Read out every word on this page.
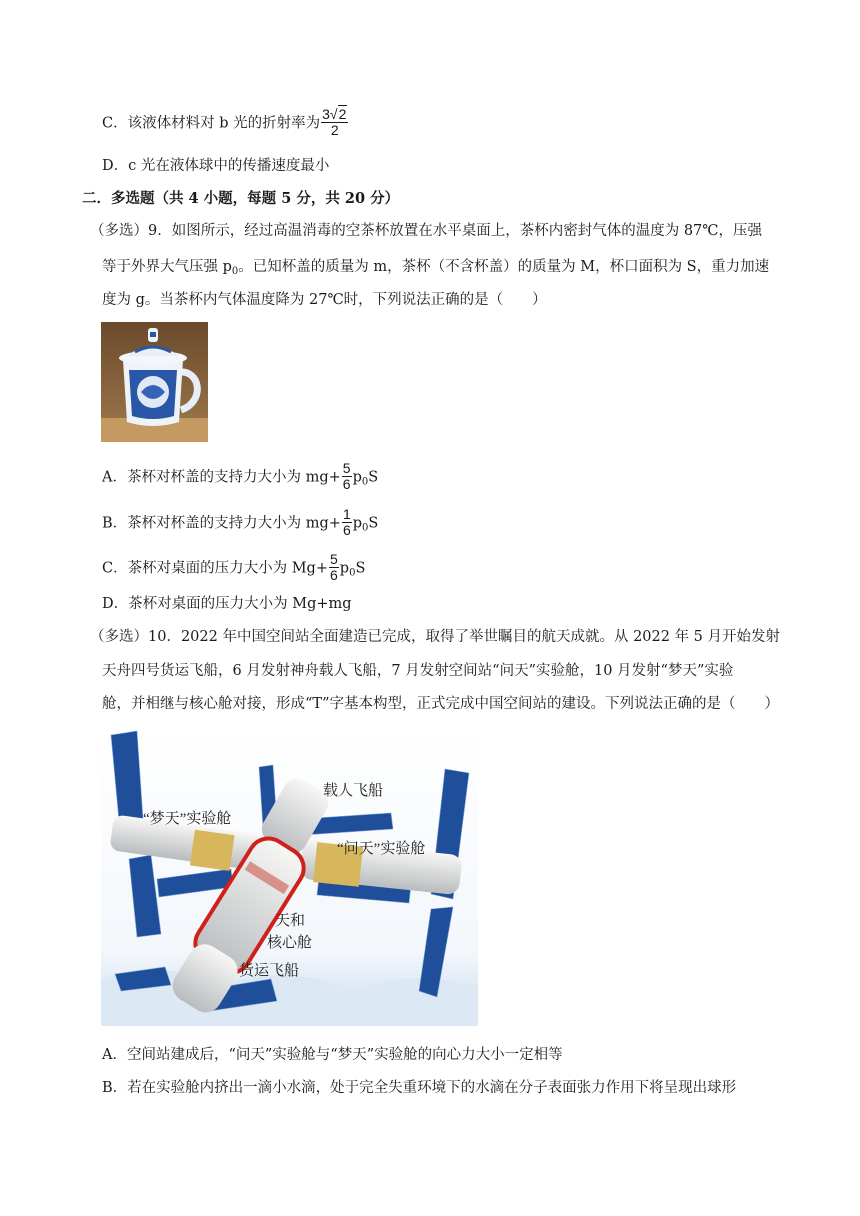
C．该液体材料对 b 光的折射率为 $\frac{3√2}{2}$
D．c 光在液体球中的传播速度最小
二．多选题（共 4 小题，每题 5 分，共 20 分）
（多选）9．如图所示，经过高温消毒的空茶杯放置在水平桌面上，茶杯内密封气体的温度为 87℃，压强
等于外界大气压强 $p_0$。已知杯盖的质量为 m，茶杯（不含杯盖）的质量为 M，杯口面积为 S，重力加速
度为 g。当茶杯内气体温度降为 27℃时，下列说法正确的是（　　）
A．茶杯对杯盖的支持力大小为 $mg+ \frac{5}{6} p_0S$
B．茶杯对杯盖的支持力大小为 $mg+ \frac{1}{6} p_0S$
C．茶杯对桌面的压力大小为 $Mg+ \frac{5}{6} p_0S$
D．茶杯对桌面的压力大小为 Mg+mg
（多选）10．2022 年中国空间站全面建造已完成，取得了举世瞩目的航天成就。从 2022 年 5 月开始发射
天舟四号货运飞船，6 月发射神舟载人飞船，7 月发射空间站“问天”实验舱，10 月发射“梦天”实验
舱，并相继与核心舱对接，形成“T”字基本构型，正式完成中国空间站的建设。下列说法正确的是（　　）
载人飞船
“梦天”实验舱
“问天”实验舱
天和
核心舱
货运飞船
A．空间站建成后，“问天”实验舱与“梦天”实验舱的向心力大小一定相等
B．若在实验舱内挤出一滴小水滴，处于完全失重环境下的水滴在分子表面张力作用下将呈现出球形
